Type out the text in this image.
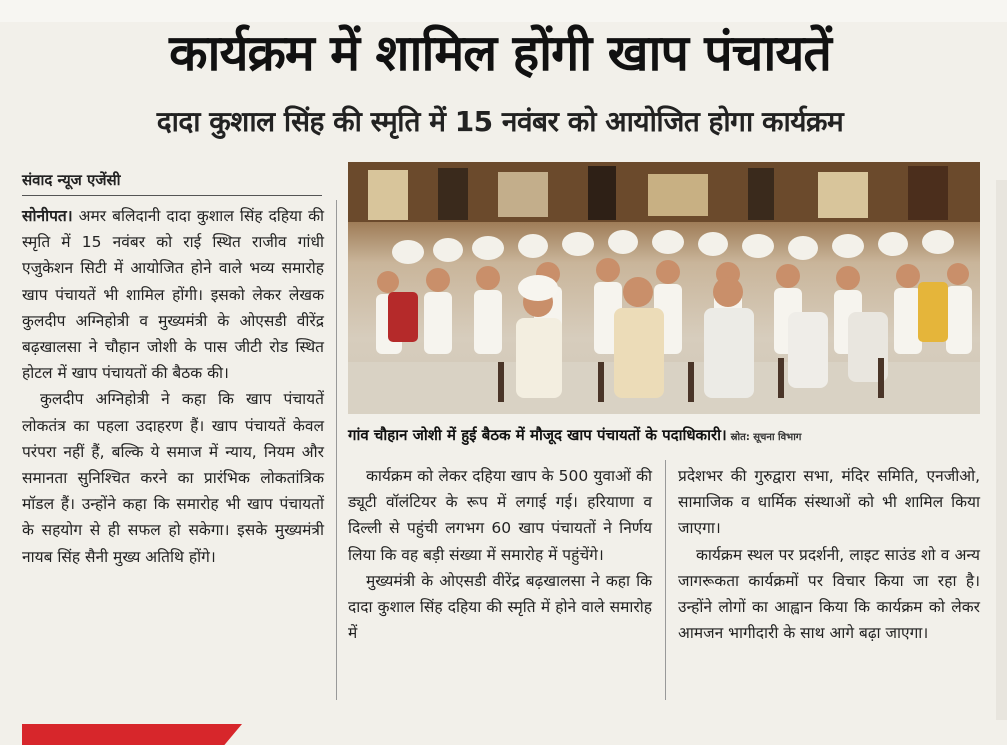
कार्यक्रम में शामिल होंगी खाप पंचायतें
दादा कुशाल सिंह की स्मृति में 15 नवंबर को आयोजित होगा कार्यक्रम
संवाद न्यूज एजेंसी

सोनीपत। अमर बलिदानी दादा कुशाल सिंह दहिया की स्मृति में 15 नवंबर को राई स्थित राजीव गांधी एजुकेशन सिटी में आयोजित होने वाले भव्य समारोह खाप पंचायतें भी शामिल होंगी। इसको लेकर लेखक कुलदीप अग्निहोत्री व मुख्यमंत्री के ओएसडी वीरेंद्र बढ़खालसा ने चौहान जोशी के पास जीटी रोड स्थित होटल में खाप पंचायतों की बैठक की।

कुलदीप अग्निहोत्री ने कहा कि खाप पंचायतें लोकतंत्र का पहला उदाहरण हैं। खाप पंचायतें केवल परंपरा नहीं हैं, बल्कि ये समाज में न्याय, नियम और समानता सुनिश्चित करने का प्रारंभिक लोकतांत्रिक मॉडल हैं। उन्होंने कहा कि समारोह भी खाप पंचायतों के सहयोग से ही सफल हो सकेगा। इसके मुख्यमंत्री नायब सिंह सैनी मुख्य अतिथि होंगे।

गांव चौहान जोशी में हुई बैठक में मौजूद खाप पंचायतों के पदाधिकारी। स्रोत: सूचना विभाग

कार्यक्रम को लेकर दहिया खाप के 500 युवाओं की ड्यूटी वॉलंटियर के रूप में लगाई गई। हरियाणा व दिल्ली से पहुंची लगभग 60 खाप पंचायतों ने निर्णय लिया कि वह बड़ी संख्या में समारोह में पहुंचेंगे।

मुख्यमंत्री के ओएसडी वीरेंद्र बढ़खालसा ने कहा कि दादा कुशाल सिंह दहिया की स्मृति में होने वाले समारोह में

प्रदेशभर की गुरुद्वारा सभा, मंदिर समिति, एनजीओ, सामाजिक व धार्मिक संस्थाओं को भी शामिल किया जाएगा।

कार्यक्रम स्थल पर प्रदर्शनी, लाइट साउंड शो व अन्य जागरूकता कार्यक्रमों पर विचार किया जा रहा है। उन्होंने लोगों का आह्वान किया कि कार्यक्रम को लेकर आमजन भागीदारी के साथ आगे बढ़ा जाएगा।
